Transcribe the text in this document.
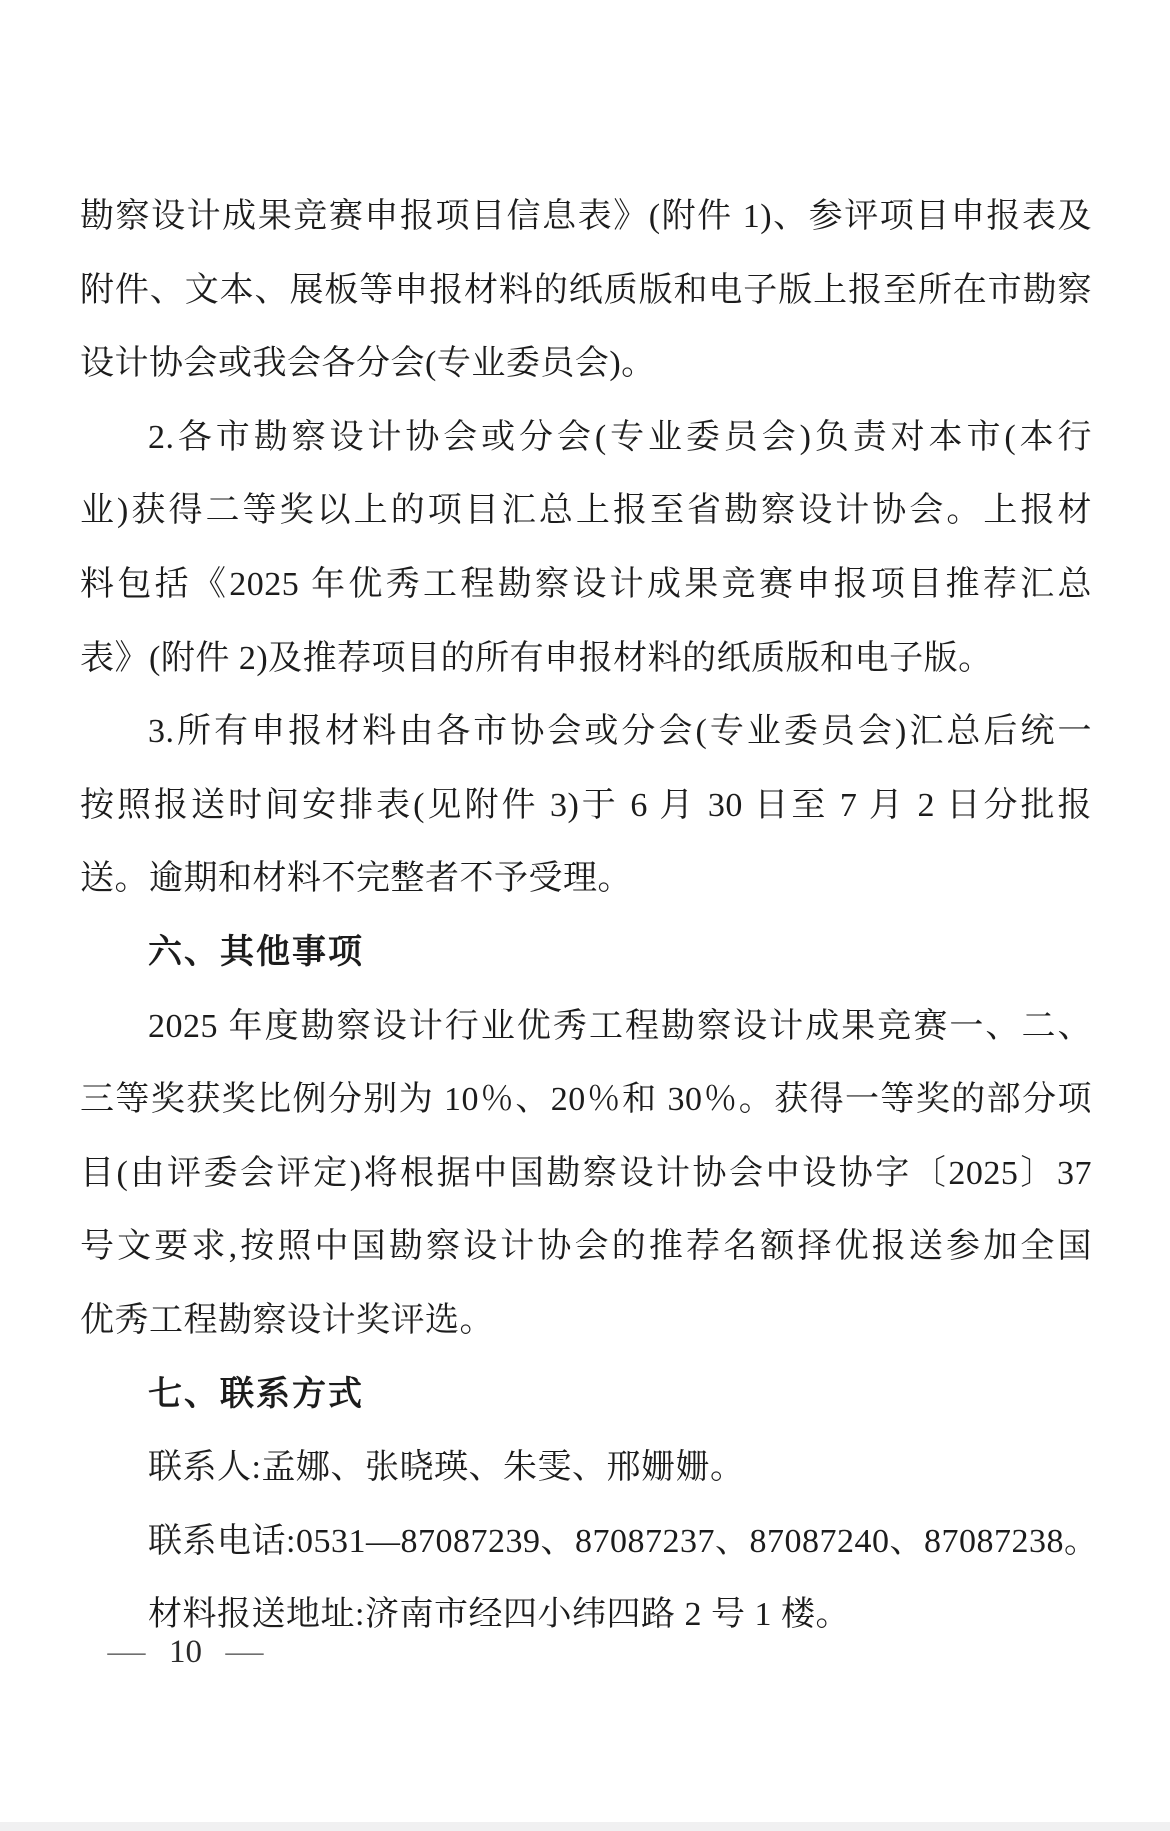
勘察设计成果竞赛申报项目信息表》(附件 1)、参评项目申报表及
附件、文本、展板等申报材料的纸质版和电子版上报至所在市勘察
设计协会或我会各分会(专业委员会)。
2.各市勘察设计协会或分会(专业委员会)负责对本市(本行
业)获得二等奖以上的项目汇总上报至省勘察设计协会。上报材
料包括《2025 年优秀工程勘察设计成果竞赛申报项目推荐汇总
表》(附件 2)及推荐项目的所有申报材料的纸质版和电子版。
3.所有申报材料由各市协会或分会(专业委员会)汇总后统一
按照报送时间安排表(见附件 3)于 6 月 30 日至 7 月 2 日分批报
送。逾期和材料不完整者不予受理。
六、其他事项
2025 年度勘察设计行业优秀工程勘察设计成果竞赛一、二、
三等奖获奖比例分别为 10％、20％和 30％。获得一等奖的部分项
目(由评委会评定)将根据中国勘察设计协会中设协字〔2025〕37
号文要求,按照中国勘察设计协会的推荐名额择优报送参加全国
优秀工程勘察设计奖评选。
七、联系方式
联系人:孟娜、张晓瑛、朱雯、邢姗姗。
联系电话:0531—87087239、87087237、87087240、87087238。
材料报送地址:济南市经四小纬四路 2 号 1 楼。
— 10 —
